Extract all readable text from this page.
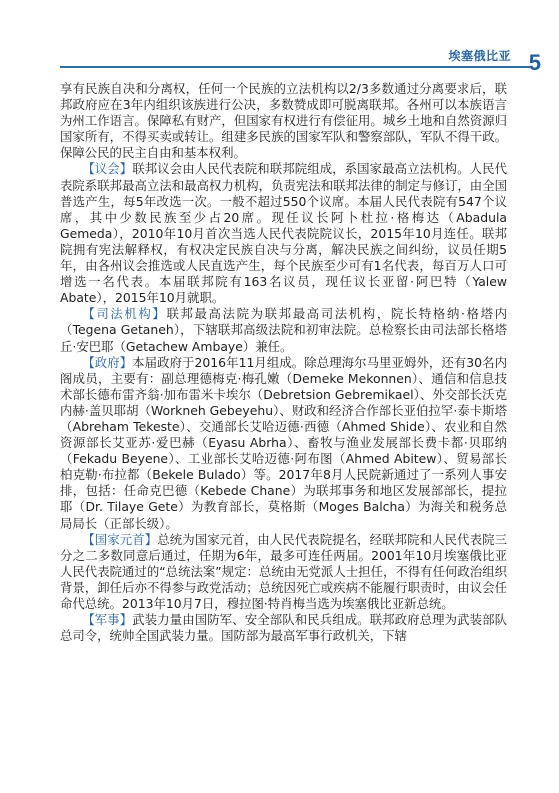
埃塞俄比亚 5

享有民族自决和分离权，任何一个民族的立法机构以2/3多数通过分离要求后，联邦政府应在3年内组织该族进行公决，多数赞成即可脱离联邦。各州可以本族语言为州工作语言。保障私有财产，但国家有权进行有偿征用。城乡土地和自然资源归国家所有，不得买卖或转让。组建多民族的国家军队和警察部队，军队不得干政。保障公民的民主自由和基本权利。

【议会】联邦议会由人民代表院和联邦院组成，系国家最高立法机构。人民代表院系联邦最高立法和最高权力机构，负责宪法和联邦法律的制定与修订，由全国普选产生，每5年改选一次。一般不超过550个议席。本届人民代表院有547个议席，其中少数民族至少占20席。现任议长阿卜杜拉·格梅达（Abadula Gemeda），2010年10月首次当选人民代表院院议长，2015年10月连任。联邦院拥有宪法解释权，有权决定民族自决与分离，解决民族之间纠纷，议员任期5年，由各州议会推选或人民直选产生，每个民族至少可有1名代表，每百万人口可增选一名代表。本届联邦院有163名议员，现任议长亚留·阿巴特（Yalew Abate），2015年10月就职。

【司法机构】联邦最高法院为联邦最高司法机构，院长特格纳·格塔内（Tegena Getaneh），下辖联邦高级法院和初审法院。总检察长由司法部长格塔丘·安巴耶（Getachew Ambaye）兼任。

【政府】本届政府于2016年11月组成。除总理海尔马里亚姆外，还有30名内阁成员，主要有：副总理德梅克·梅孔嫩（Demeke Mekonnen）、通信和信息技术部长德布雷齐翁·加布雷米卡埃尔（Debretsion Gebremikael）、外交部长沃克内赫·盖贝耶胡（Workneh Gebeyehu）、财政和经济合作部长亚伯拉罕·泰卡斯塔（Abreham Tekeste）、交通部长艾哈迈德·西德（Ahmed Shide）、农业和自然资源部长艾亚苏·爱巴赫（Eyasu Abrha）、畜牧与渔业发展部长费卡都·贝耶纳（Fekadu Beyene）、工业部长艾哈迈德·阿布图（Ahmed Abitew）、贸易部长柏克勒·布拉都（Bekele Bulado）等。2017年8月人民院新通过了一系列人事安排，包括：任命克巴德（Kebede Chane）为联邦事务和地区发展部部长，提拉耶（Dr. Tilaye Gete）为教育部长，莫格斯（Moges Balcha）为海关和税务总局局长（正部长级）。

【国家元首】总统为国家元首，由人民代表院提名，经联邦院和人民代表院三分之二多数同意后通过，任期为6年，最多可连任两届。2001年10月埃塞俄比亚人民代表院通过的“总统法案”规定：总统由无党派人士担任，不得有任何政治组织背景，卸任后亦不得参与政党活动；总统因死亡或疾病不能履行职责时，由议会任命代总统。2013年10月7日，穆拉图·特肖梅当选为埃塞俄比亚新总统。

【军事】武装力量由国防军、安全部队和民兵组成。联邦政府总理为武装部队总司令，统帅全国武装力量。国防部为最高军事行政机关，下辖
